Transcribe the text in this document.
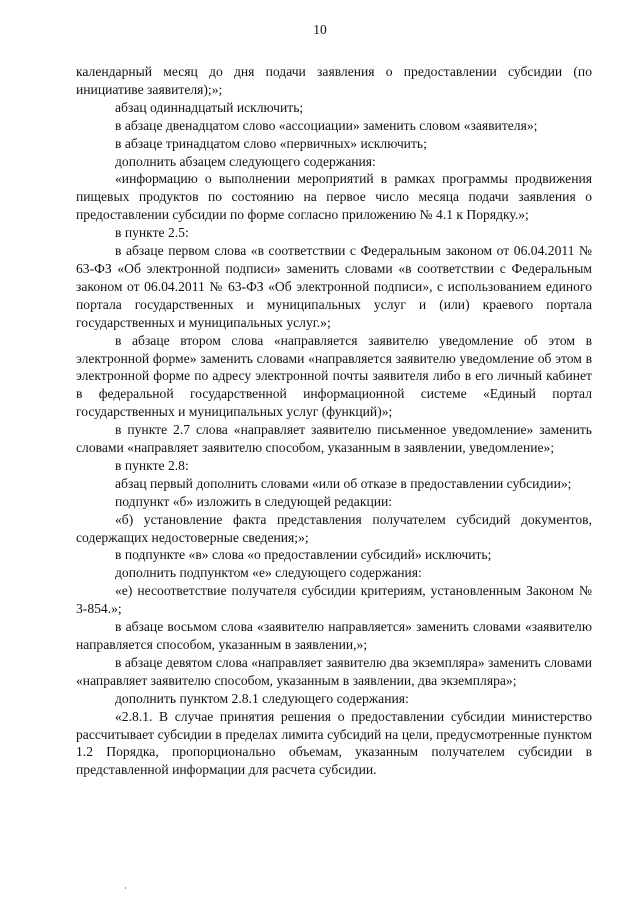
10

календарный месяц до дня подачи заявления о предоставлении субсидии (по инициативе заявителя);»;

абзац одиннадцатый исключить;

в абзаце двенадцатом слово «ассоциации» заменить словом «заявителя»;

в абзаце тринадцатом слово «первичных» исключить;

дополнить абзацем следующего содержания:

«информацию о выполнении мероприятий в рамках программы продвижения пищевых продуктов по состоянию на первое число месяца подачи заявления о предоставлении субсидии по форме согласно приложению № 4.1 к Порядку.»;

в пункте 2.5:

в абзаце первом слова «в соответствии с Федеральным законом от 06.04.2011 № 63-ФЗ «Об электронной подписи» заменить словами «в соответствии с Федеральным законом от 06.04.2011 № 63-ФЗ «Об электронной подписи», с использованием единого портала государственных и муниципальных услуг и (или) краевого портала государственных и муниципальных услуг.»;

в абзаце втором слова «направляется заявителю уведомление об этом в электронной форме» заменить словами «направляется заявителю уведомление об этом в электронной форме по адресу электронной почты заявителя либо в его личный кабинет в федеральной государственной информационной системе «Единый портал государственных и муниципальных услуг (функций)»;

в пункте 2.7 слова «направляет заявителю письменное уведомление» заменить словами «направляет заявителю способом, указанным в заявлении, уведомление»;

в пункте 2.8:

абзац первый дополнить словами «или об отказе в предоставлении субсидии»;

подпункт «б» изложить в следующей редакции:

«б) установление факта представления получателем субсидий документов, содержащих недостоверные сведения;»;

в подпункте «в» слова «о предоставлении субсидий» исключить;

дополнить подпунктом «е» следующего содержания:

«е) несоответствие получателя субсидии критериям, установленным Законом № 3-854.»;

в абзаце восьмом слова «заявителю направляется» заменить словами «заявителю направляется способом, указанным в заявлении,»;

в абзаце девятом слова «направляет заявителю два экземпляра» заменить словами «направляет заявителю способом, указанным в заявлении, два экземпляра»;

дополнить пунктом 2.8.1 следующего содержания:

«2.8.1. В случае принятия решения о предоставлении субсидии министерство рассчитывает субсидии в пределах лимита субсидий на цели, предусмотренные пунктом 1.2 Порядка, пропорционально объемам, указанным получателем субсидии в представленной информации для расчета субсидии.
